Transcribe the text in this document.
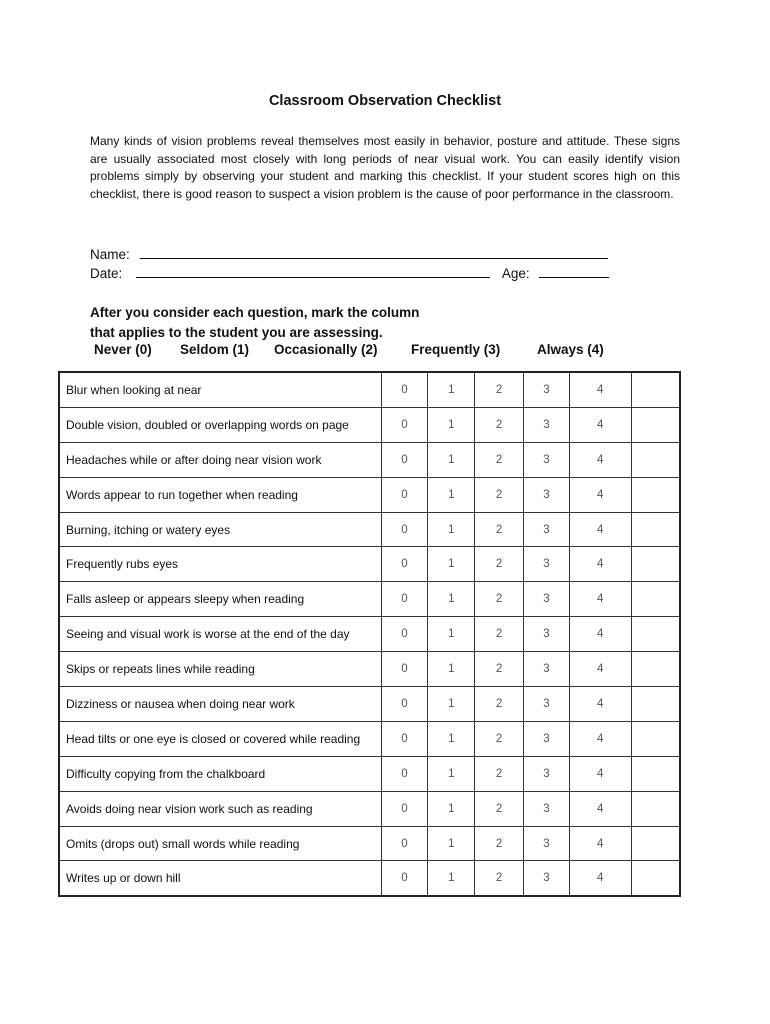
Classroom Observation Checklist
Many kinds of vision problems reveal themselves most easily in behavior, posture and attitude. These signs are usually associated most closely with long periods of near visual work. You can easily identify vision problems simply by observing your student and marking this checklist. If your student scores high on this checklist, there is good reason to suspect a vision problem is the cause of poor performance in the classroom.
Name:
Date:	Age:
After you consider each question, mark the column
that applies to the student you are assessing.
Never (0) Seldom (1) Occasionally (2) Frequently (3)	Always (4)
Blur when looking at near	0	1	2	3	4	
Double vision, doubled or overlapping words on page	0	1	2	3	4	
Headaches while or after doing near vision work	0	1	2	3	4	
Words appear to run together when reading	0	1	2	3	4	
Burning, itching or watery eyes	0	1	2	3	4	
Frequently rubs eyes	0	1	2	3	4	
Falls asleep or appears sleepy when reading	0	1	2	3	4	
Seeing and visual work is worse at the end of the day	0	1	2	3	4	
Skips or repeats lines while reading	0	1	2	3	4	
Dizziness or nausea when doing near work	0	1	2	3	4	
Head tilts or one eye is closed or covered while reading	0	1	2	3	4	
Difficulty copying from the chalkboard	0	1	2	3	4	
Avoids doing near vision work such as reading	0	1	2	3	4	
Omits (drops out) small words while reading	0	1	2	3	4	
Writes up or down hill	0	1	2	3	4	
